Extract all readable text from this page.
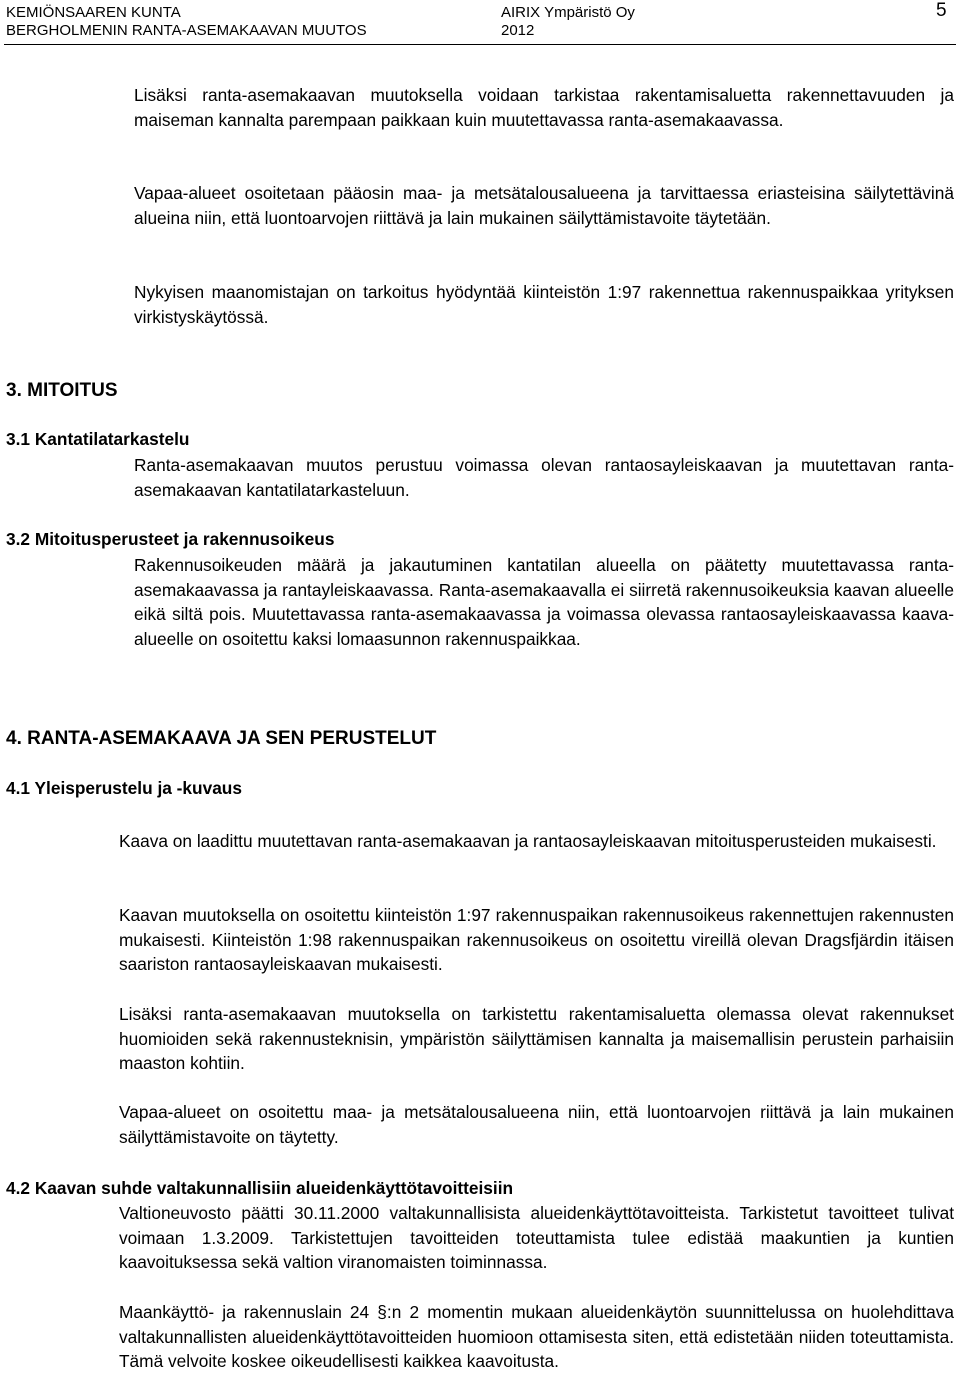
KEMIÖNSAAREN KUNTA
BERGHOLMENIN RANTA-ASEMAKAAVAN MUUTOS
AIRIX Ympäristö Oy
2012
5

Lisäksi ranta-asemakaavan muutoksella voidaan tarkistaa rakentamisaluetta rakennettavuuden ja maiseman kannalta parempaan paikkaan kuin muutettavassa ranta-asemakaavassa.

Vapaa-alueet osoitetaan pääosin maa- ja metsätalousalueena ja tarvittaessa eriasteisina säilytettävinä alueina niin, että luontoarvojen riittävä ja lain mukainen säilyttämistavoite täytetään.

Nykyisen maanomistajan on tarkoitus hyödyntää kiinteistön 1:97 rakennettua rakennuspaikkaa yrityksen virkistyskäytössä.

3. MITOITUS
3.1 Kantatilatarkastelu

Ranta-asemakaavan muutos perustuu voimassa olevan rantaosayleiskaavan ja muutettavan ranta-asemakaavan kantatilatarkasteluun.

3.2 Mitoitusperusteet ja rakennusoikeus

Rakennusoikeuden määrä ja jakautuminen kantatilan alueella on päätetty muutettavassa ranta-asemakaavassa ja rantayleiskaavassa. Ranta-asemakaavalla ei siirretä rakennusoikeuksia kaavan alueelle eikä siltä pois. Muutettavassa ranta-asemakaavassa ja voimassa olevassa rantaosayleiskaavassa kaava-alueelle on osoitettu kaksi lomaasunnon rakennuspaikkaa.

4. RANTA-ASEMAKAAVA JA SEN PERUSTELUT
4.1 Yleisperustelu ja -kuvaus

Kaava on laadittu muutettavan ranta-asemakaavan ja rantaosayleiskaavan mitoitusperusteiden mukaisesti.

Kaavan muutoksella on osoitettu kiinteistön 1:97 rakennuspaikan rakennusoikeus rakennettujen rakennusten mukaisesti. Kiinteistön 1:98 rakennuspaikan rakennusoikeus on osoitettu vireillä olevan Dragsfjärdin itäisen saariston rantaosayleiskaavan mukaisesti.

Lisäksi ranta-asemakaavan muutoksella on tarkistettu rakentamisaluetta olemassa olevat rakennukset huomioiden sekä rakennusteknisin, ympäristön säilyttämisen kannalta ja maisemallisin perustein parhaisiin maaston kohtiin.

Vapaa-alueet on osoitettu maa- ja metsätalousalueena niin, että luontoarvojen riittävä ja lain mukainen säilyttämistavoite on täytetty.

4.2 Kaavan suhde valtakunnallisiin alueidenkäyttötavoitteisiin

Valtioneuvosto päätti 30.11.2000 valtakunnallisista alueidenkäyttötavoitteista. Tarkistetut tavoitteet tulivat voimaan 1.3.2009. Tarkistettujen tavoitteiden toteuttamista tulee edistää maakuntien ja kuntien kaavoituksessa sekä valtion viranomaisten toiminnassa.

Maankäyttö- ja rakennuslain 24 §:n 2 momentin mukaan alueidenkäytön suunnittelussa on huolehdittava valtakunnallisten alueidenkäyttötavoitteiden huomioon ottamisesta siten, että edistetään niiden toteuttamista. Tämä velvoite koskee oikeudellisesti kaikkea kaavoitusta.
